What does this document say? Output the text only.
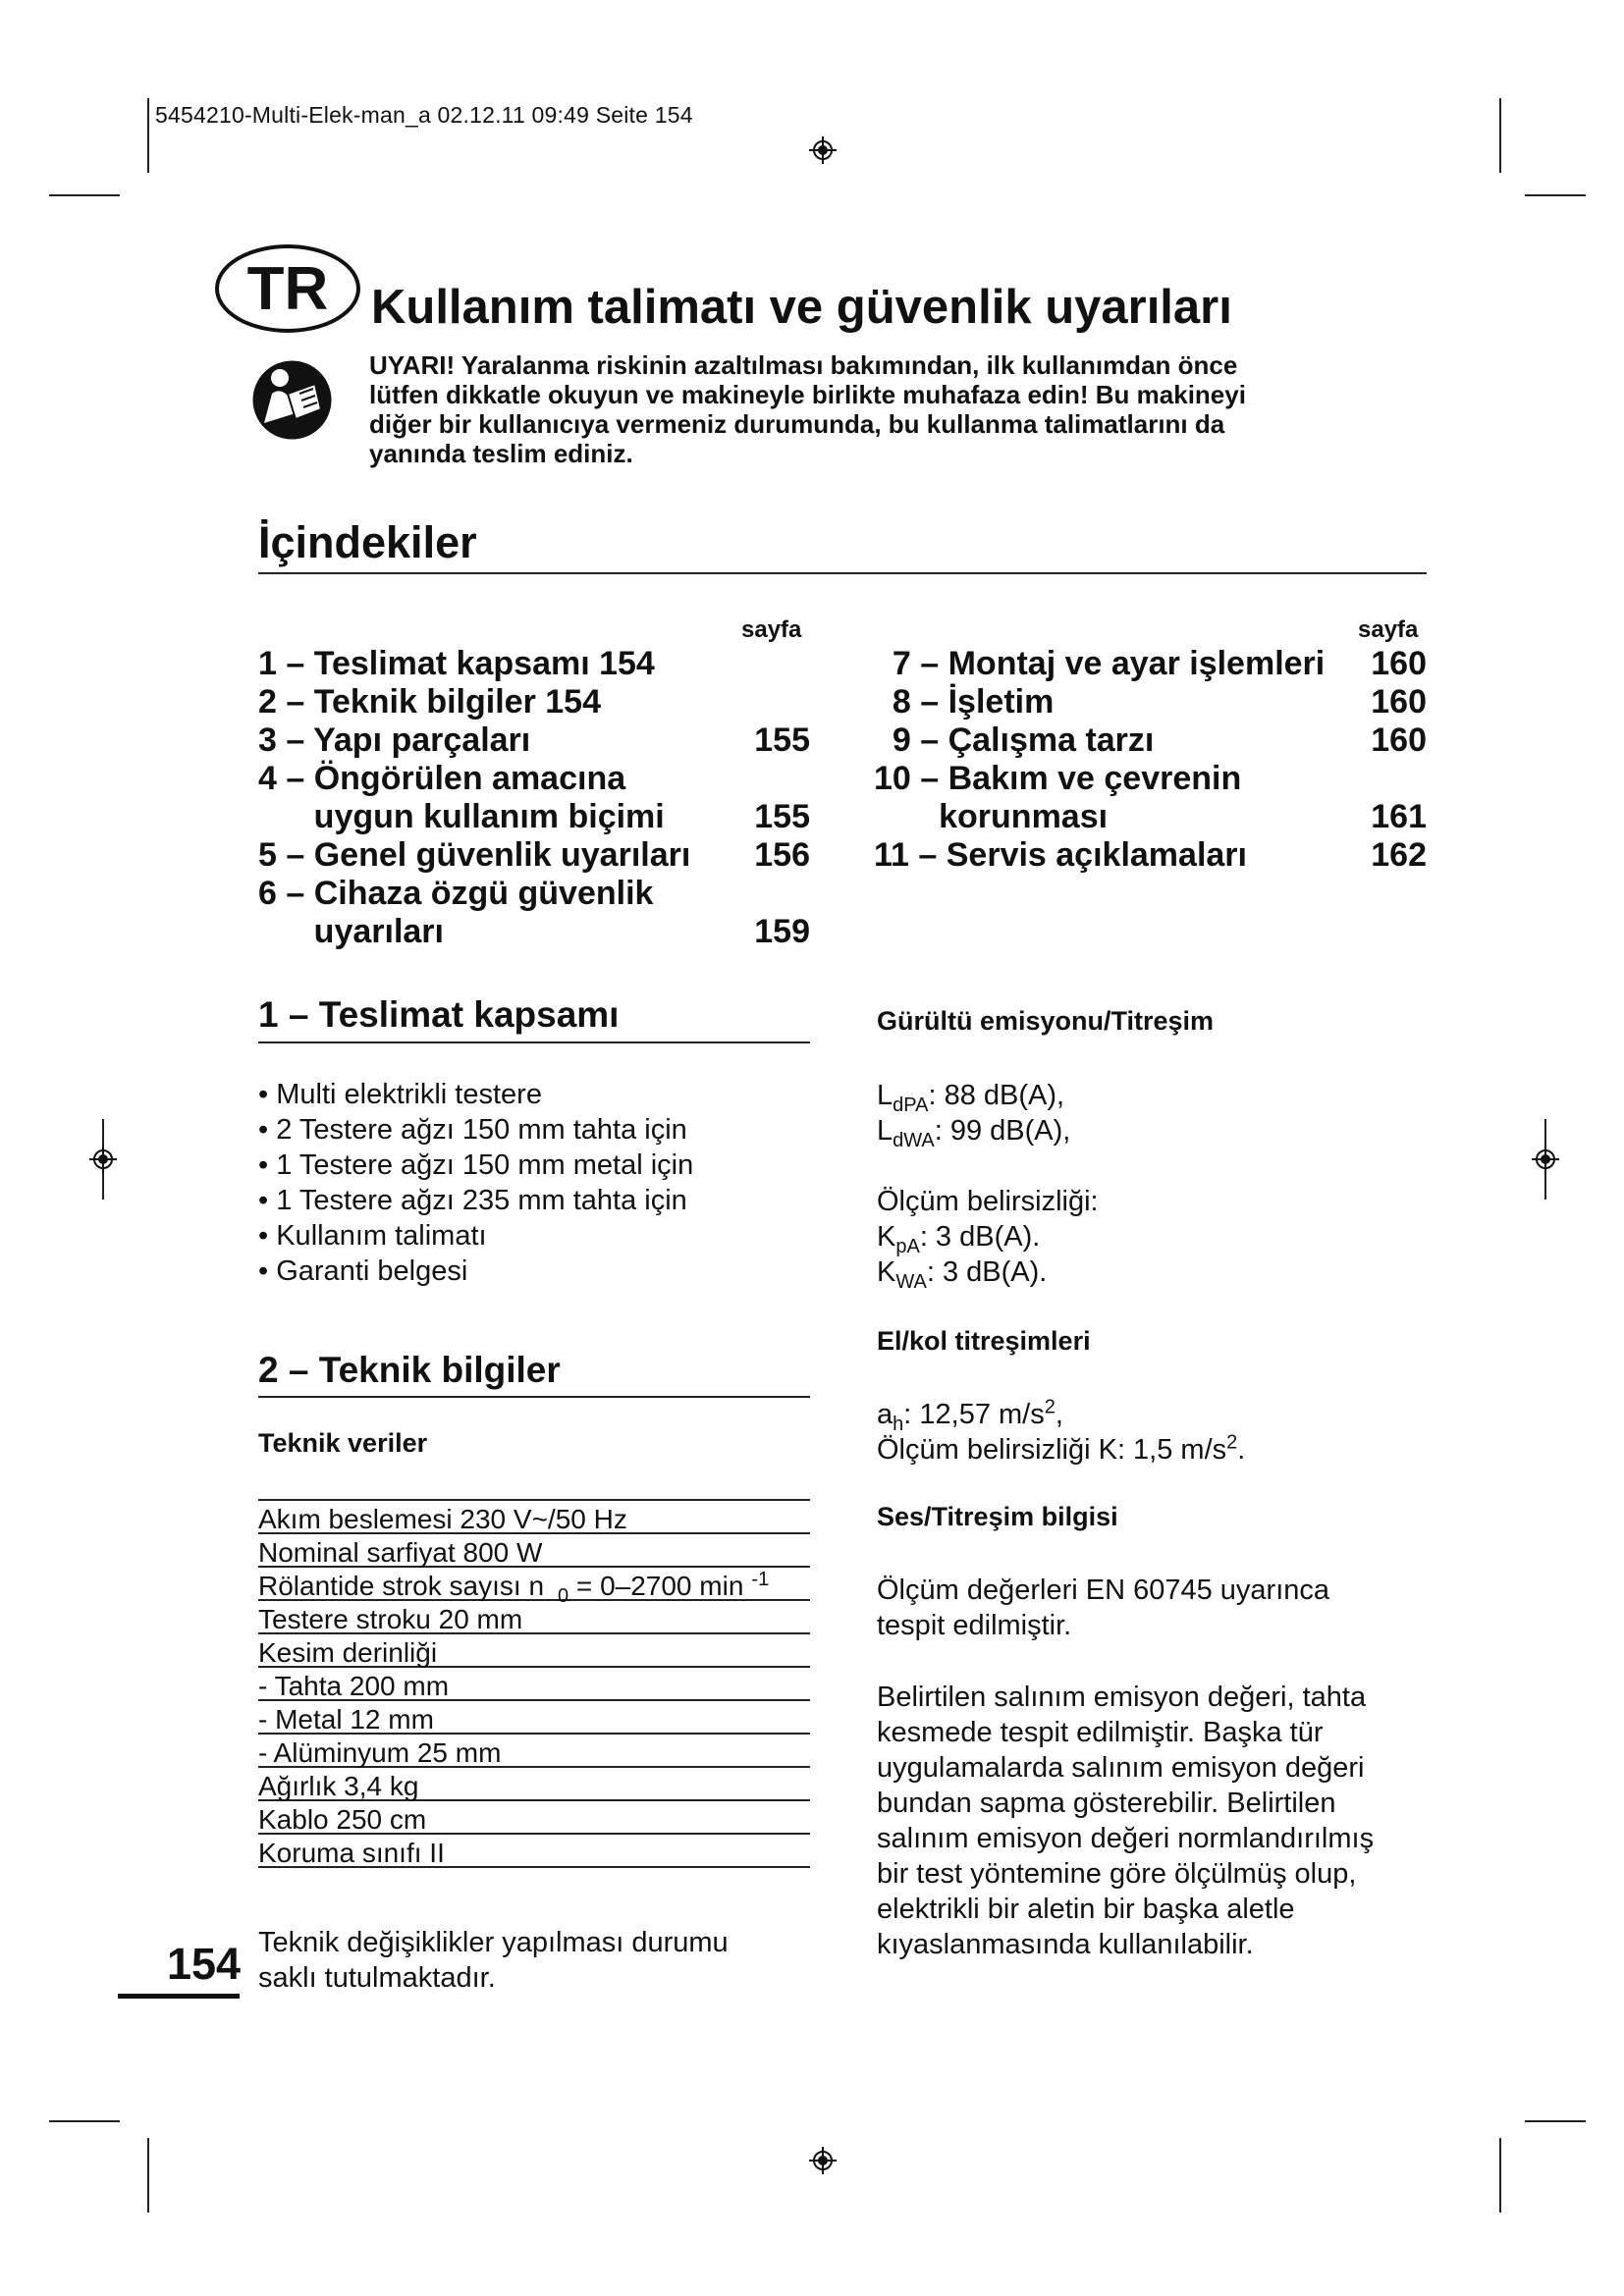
5454210-Multi-Elek-man_a 02.12.11 09:49 Seite 154
TR Kullanım talimatı ve güvenlik uyarıları
UYARI! Yaralanma riskinin azaltılması bakımından, ilk kullanımdan önce
lütfen dikkatle okuyun ve makineyle birlikte muhafaza edin! Bu makineyi
diğer bir kullanıcıya vermeniz durumunda, bu kullanma talimatlarını da
yanında teslim ediniz.
İçindekiler
sayfa	sayfa
1 – Teslimat kapsamı 154
2 – Teknik bilgiler 154
3 – Yapı parçaları	155
4 – Öngörülen amacına
uygun kullanım biçimi	155
5 – Genel güvenlik uyarıları	156
6 – Cihaza özgü güvenlik
uyarıları	159
7 – Montaj ve ayar işlemleri	160
8 – İşletim	160
9 – Çalışma tarzı	160
10 – Bakım ve çevrenin
korunması	161
11 – Servis açıklamaları	162
1 – Teslimat kapsamı
• Multi elektrikli testere
• 2 Testere ağzı 150 mm tahta için
• 1 Testere ağzı 150 mm metal için
• 1 Testere ağzı 235 mm tahta için
• Kullanım talimatı
• Garanti belgesi
2 – Teknik bilgiler
Teknik veriler
Akım beslemesi 230 V~/50 Hz
Nominal sarfiyat 800 W
Rölantide strok sayısı n $_0$ = 0–2700 min $^{-1}$
Testere stroku 20 mm
Kesim derinliği
- Tahta 200 mm
- Metal 12 mm
- Alüminyum 25 mm
Ağırlık 3,4 kg
Kablo 250 cm
Koruma sınıfı II
Teknik değişiklikler yapılması durumu
saklı tutulmaktadır.
Gürültü emisyonu/Titreşim
$L_{dPA}$: 88 dB(A),
$L_{dWA}$: 99 dB(A),
Ölçüm belirsizliği:
$K_{pA}$: 3 dB(A).
$K_{WA}$: 3 dB(A).
El/kol titreşimleri
$a_h$: 12,57 $m/s^2$,
Ölçüm belirsizliği K: 1,5 $m/s^2$.
Ses/Titreşim bilgisi
Ölçüm değerleri EN 60745 uyarınca
tespit edilmiştir.
Belirtilen salınım emisyon değeri, tahta
kesmede tespit edilmiştir. Başka tür
uygulamalarda salınım emisyon değeri
bundan sapma gösterebilir. Belirtilen
salınım emisyon değeri normlandırılmış
bir test yöntemine göre ölçülmüş olup,
elektrikli bir aletin bir başka aletle
kıyaslanmasında kullanılabilir.
154
